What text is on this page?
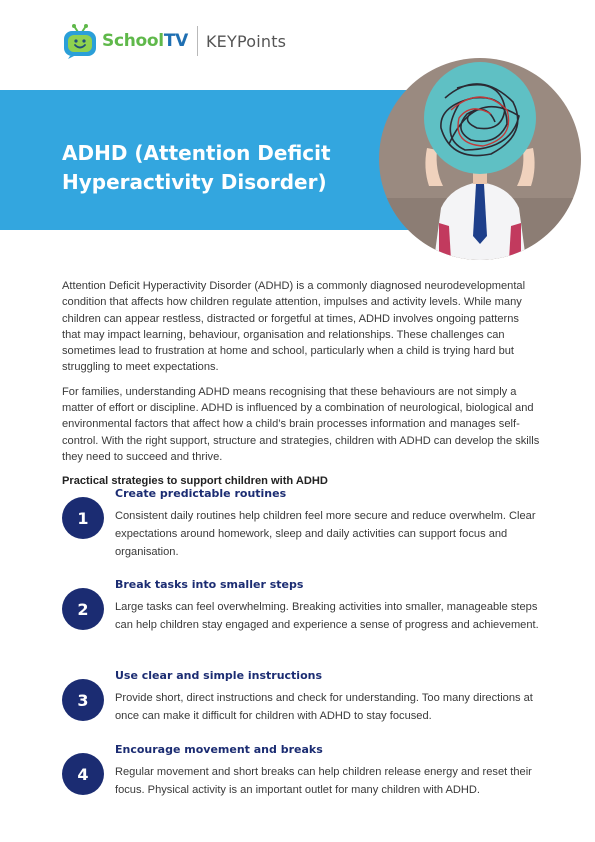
SchoolTV KEYPoints
ADHD (Attention Deficit Hyperactivity Disorder)

Attention Deficit Hyperactivity Disorder (ADHD) is a commonly diagnosed neurodevelopmental condition that affects how children regulate attention, impulses and activity levels. While many children can appear restless, distracted or forgetful at times, ADHD involves ongoing patterns that may impact learning, behaviour, organisation and relationships. These challenges can sometimes lead to frustration at home and school, particularly when a child is trying hard but struggling to meet expectations.

For families, understanding ADHD means recognising that these behaviours are not simply a matter of effort or discipline. ADHD is influenced by a combination of neurological, biological and environmental factors that affect how a child’s brain processes information and manages self-control. With the right support, structure and strategies, children with ADHD can develop the skills they need to succeed and thrive.

Practical strategies to support children with ADHD

1
Create predictable routines
Consistent daily routines help children feel more secure and reduce overwhelm. Clear expectations around homework, sleep and daily activities can support focus and organisation.
2
Break tasks into smaller steps
Large tasks can feel overwhelming. Breaking activities into smaller, manageable steps can help children stay engaged and experience a sense of progress and achievement.
3
Use clear and simple instructions
Provide short, direct instructions and check for understanding. Too many directions at once can make it difficult for children with ADHD to stay focused.
4
Encourage movement and breaks
Regular movement and short breaks can help children release energy and reset their focus. Physical activity is an important outlet for many children with ADHD.
